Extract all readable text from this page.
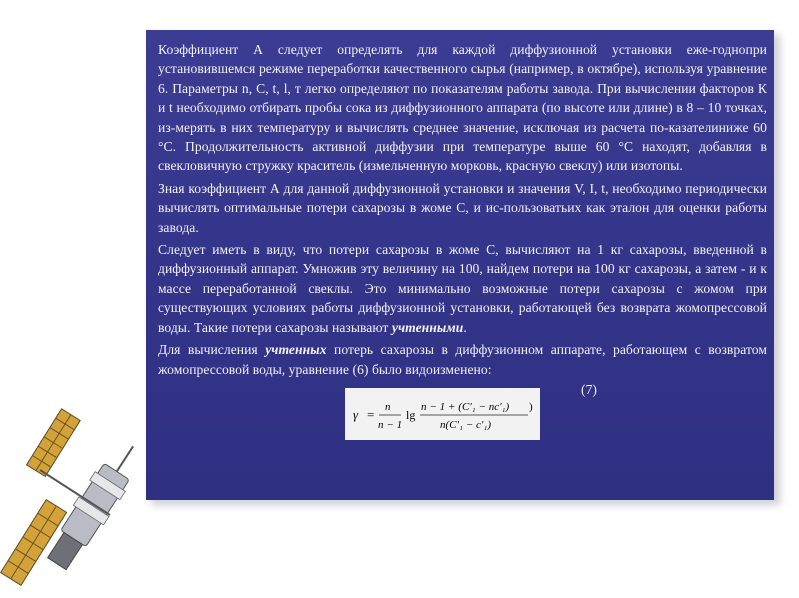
Коэффициент А следует определять для каждой диффузионной установки еже-годнопри установившемся режиме переработки качественного сырья (например, в октябре), используя уравнение 6. Параметры n, C, t, l, т легко определяют по показателям работы завода. При вычислении факторов К и t необходимо отбирать пробы сока из диффузионного аппарата (по высоте или длине) в 8 – 10 точках, из-мерять в них температуру и вычислять среднее значение, исключая из расчета по-казателиниже 60 °С. Продолжительность активной диффузии при температуре выше 60 °С находят, добавляя в свекловичную стружку краситель (измельченную морковь, красную свеклу) или изотопы.

Зная коэффициент А для данной диффузионной установки и значения V, I, t, необходимо периодически вычислять оптимальные потери сахарозы в жоме С, и ис-пользоватьих как эталон для оценки работы завода.

Следует иметь в виду, что потери сахарозы в жоме С, вычисляют на 1 кг сахарозы, введенной в диффузионный аппарат. Умножив эту величину на 100, найдем потери на 100 кг сахарозы, а затем - и к массе переработанной свеклы. Это минимально возможные потери сахарозы с жомом при существующих условиях работы диффузионной установки, работающей без возврата жомопрессовой воды. Такие потери сахарозы называют учтенными.

Для вычисления учтенных потерь сахарозы в диффузионном аппарате, работающем с возвратом жомопрессовой воды, уравнение (6) было видоизменено:

γ = n
n − 1
lg
n − 1 + (C′₁ − nc′₁)
n(C′₁ − c′₁)
)
(7)
